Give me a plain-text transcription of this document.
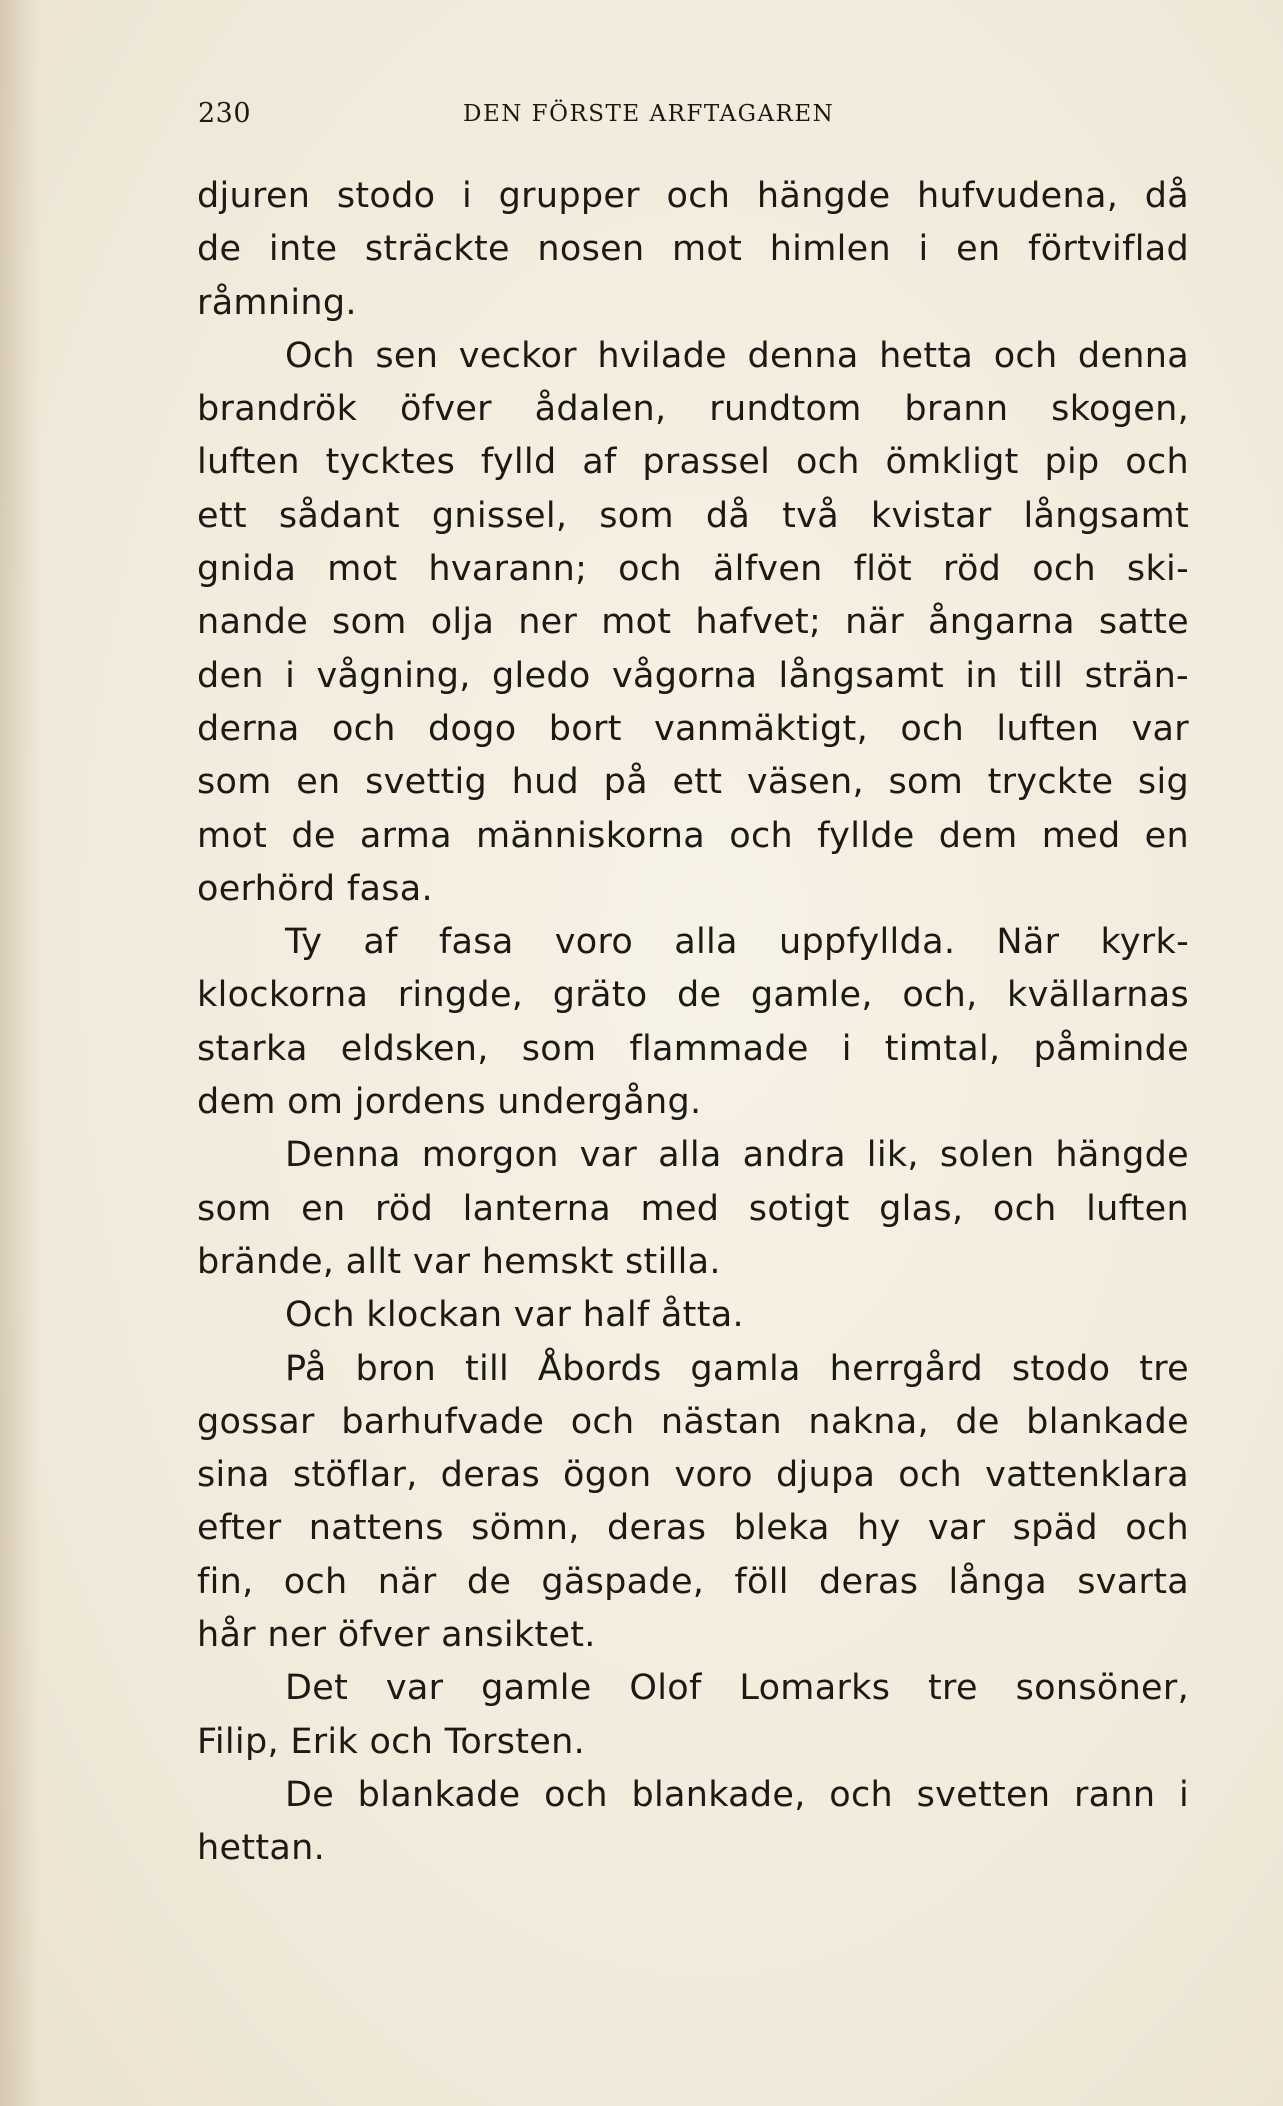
230	DEN FÖRSTE ARFTAGAREN
djuren stodo i grupper och hängde hufvudena, då
de inte sträckte nosen mot himlen i en förtviflad
råmning.
Och sen veckor hvilade denna hetta och denna
brandrök öfver ådalen, rundtom brann skogen,
luften tycktes fylld af prassel och ömkligt pip och
ett sådant gnissel, som då två kvistar långsamt
gnida mot hvarann; och älfven flöt röd och ski-
nande som olja ner mot hafvet; när ångarna satte
den i vågning, gledo vågorna långsamt in till strän-
derna och dogo bort vanmäktigt, och luften var
som en svettig hud på ett väsen, som tryckte sig
mot de arma människorna och fyllde dem med en
oerhörd fasa.
Ty af fasa voro alla uppfyllda. När kyrk-
klockorna ringde, gräto de gamle, och, kvällarnas
starka eldsken, som flammade i timtal, påminde
dem om jordens undergång.
Denna morgon var alla andra lik, solen hängde
som en röd lanterna med sotigt glas, och luften
brände, allt var hemskt stilla.
Och klockan var half åtta.
På bron till Åbords gamla herrgård stodo tre
gossar barhufvade och nästan nakna, de blankade
sina stöflar, deras ögon voro djupa och vattenklara
efter nattens sömn, deras bleka hy var späd och
fin, och när de gäspade, föll deras långa svarta
hår ner öfver ansiktet.
Det var gamle Olof Lomarks tre sonsöner,
Filip, Erik och Torsten.
De blankade och blankade, och svetten rann i
hettan.
